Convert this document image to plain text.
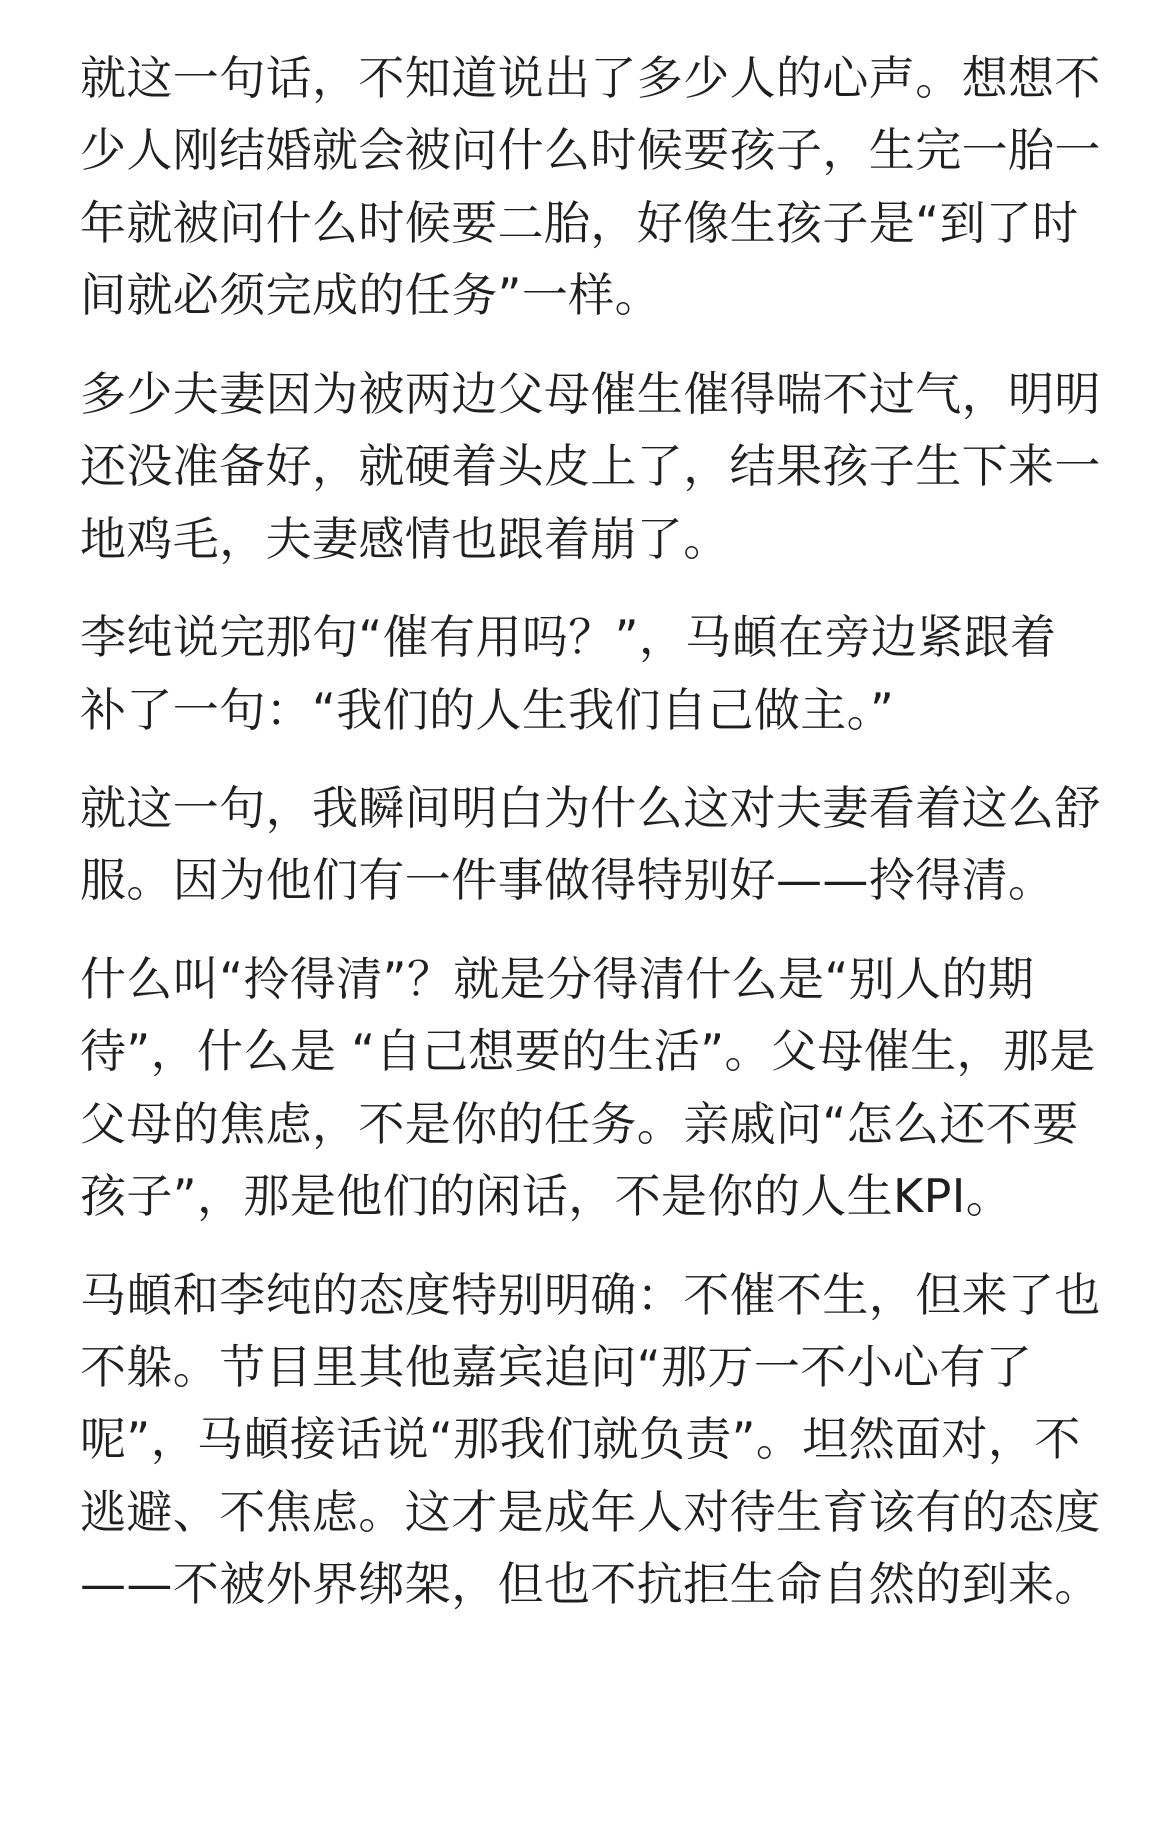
就这一句话，不知道说出了多少人的心声。想想不
少人刚结婚就会被问什么时候要孩子，生完一胎一
年就被问什么时候要二胎，好像生孩子是“到了时
间就必须完成的任务”一样。
多少夫妻因为被两边父母催生催得喘不过气，明明
还没准备好，就硬着头皮上了，结果孩子生下来一
地鸡毛，夫妻感情也跟着崩了。
李纯说完那句“催有用吗？”，马頔在旁边紧跟着
补了一句：“我们的人生我们自己做主。”
就这一句，我瞬间明白为什么这对夫妻看着这么舒
服。因为他们有一件事做得特别好——拎得清。
什么叫“拎得清”？就是分得清什么是“别人的期
待”，什么是 “自己想要的生活”。父母催生，那是
父母的焦虑，不是你的任务。亲戚问“怎么还不要
孩子”，那是他们的闲话，不是你的人生KPI。
马頔和李纯的态度特别明确：不催不生，但来了也
不躲。节目里其他嘉宾追问“那万一不小心有了
呢”，马頔接话说“那我们就负责”。坦然面对，不
逃避、不焦虑。这才是成年人对待生育该有的态度
——不被外界绑架，但也不抗拒生命自然的到来。
